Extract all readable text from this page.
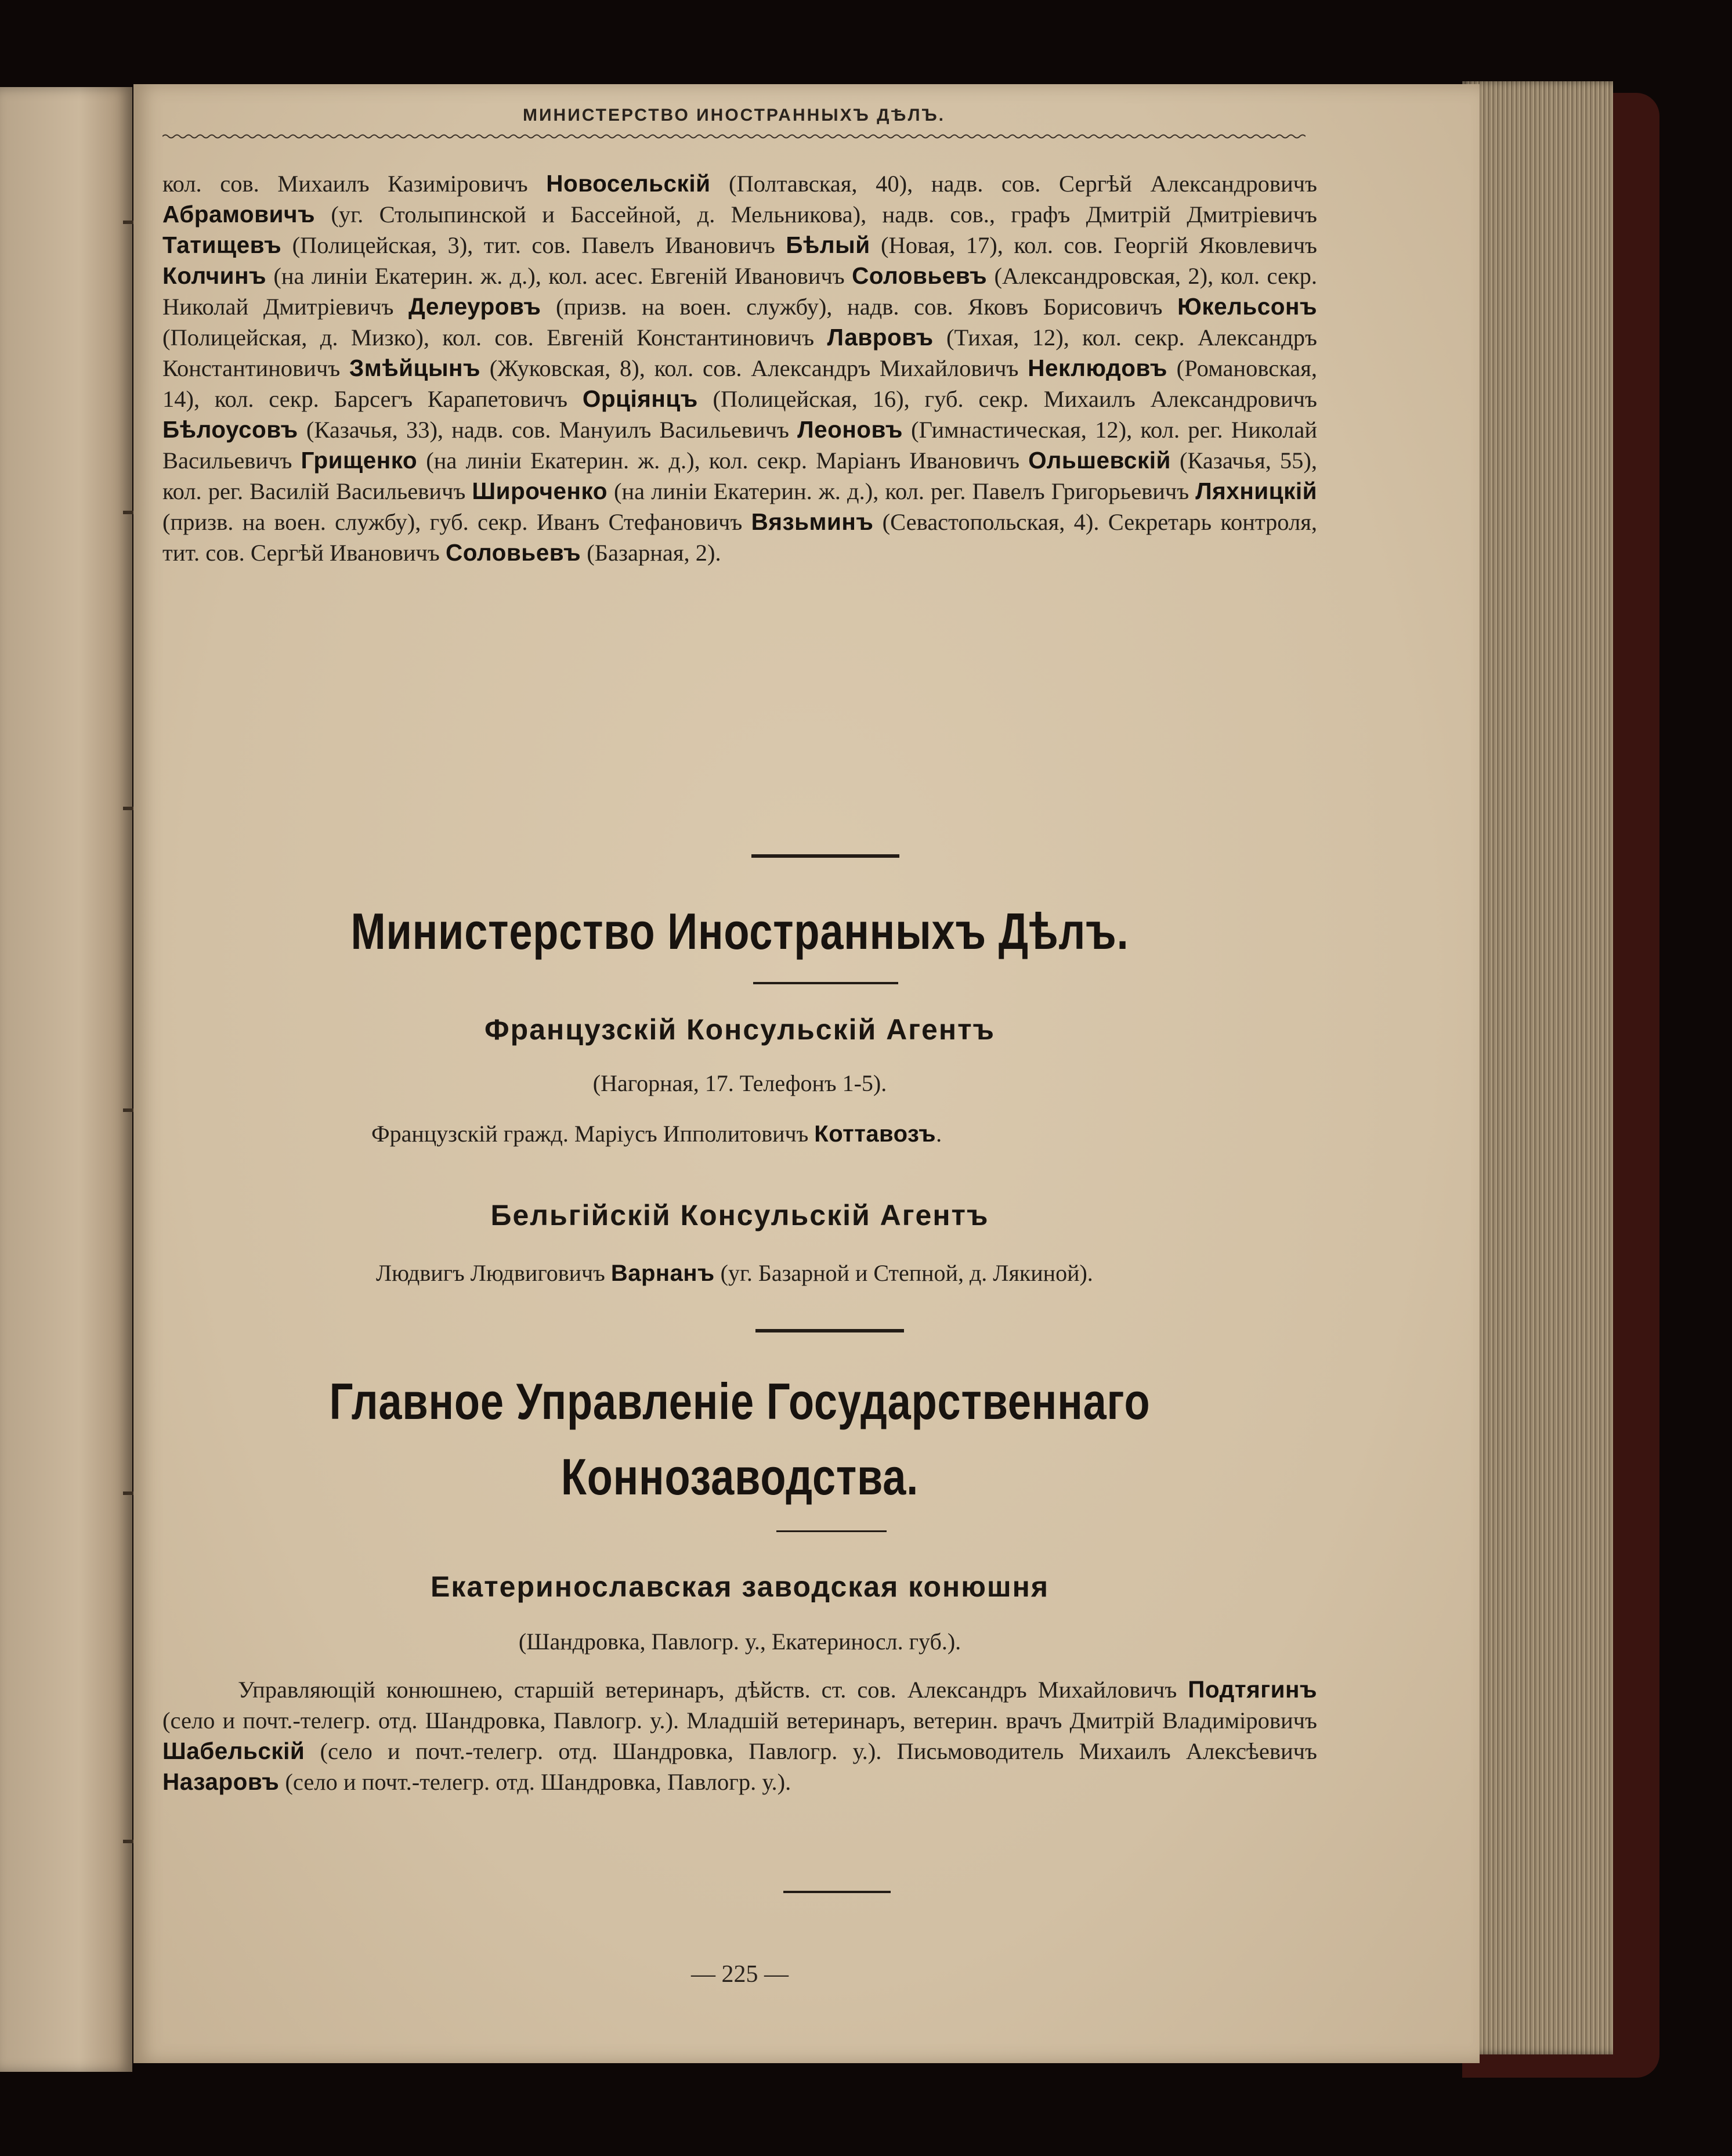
МИНИСТЕРСТВО ИНОСТРАННЫХЪ ДѢЛЪ.
кол. сов. Михаилъ Казимiровичъ Новосельскiй (Полтавская, 40), надв. сов. Сергѣй Александровичъ Абрамовичъ (уг. Столыпинской и Бассейной, д. Мельникова), надв. сов., графъ Дмитрiй Дмитрiевичъ Татищевъ (Полицейская, 3), тит. сов. Павелъ Ивановичъ Бѣлый (Новая, 17), кол. сов. Георгiй Яковлевичъ Колчинъ (на линiи Екатерин. ж. д.), кол. асес. Евгенiй Ивановичъ Соловьевъ (Александровская, 2), кол. секр. Николай Дмитрiевичъ Делеуровъ (призв. на воен. службу), надв. сов. Яковъ Борисовичъ Юкельсонъ (Полицейская, д. Мизко), кол. сов. Евгенiй Константиновичъ Лавровъ (Тихая, 12), кол. секр. Александръ Константиновичъ Змѣйцынъ (Жуковская, 8), кол. сов. Александръ Михайловичъ Неклюдовъ (Романовская, 14), кол. секр. Барсегъ Карапетовичъ Орцiянцъ (Полицейская, 16), губ. секр. Михаилъ Александровичъ Бѣлоусовъ (Казачья, 33), надв. сов. Мануилъ Васильевичъ Леоновъ (Гимнастическая, 12), кол. рег. Николай Васильевичъ Грищенко (на линiи Екатерин. ж. д.), кол. секр. Марiанъ Ивановичъ Ольшевскiй (Казачья, 55), кол. рег. Василiй Васильевичъ Широченко (на линiи Екатерин. ж. д.), кол. рег. Павелъ Григорьевичъ Ляхницкiй (призв. на воен. службу), губ. секр. Иванъ Стефановичъ Вязьминъ (Севастопольская, 4). Секретарь контроля, тит. сов. Сергѣй Ивановичъ Соловьевъ (Базарная, 2).
Министерство Иностранныхъ Дѣлъ.
Французскiй Консульскiй Агентъ
(Нагорная, 17. Телефонъ 1-5).
Французскiй гражд. Марiусъ Ипполитовичъ Коттавозъ.
Бельгiйскiй Консульскiй Агентъ
Людвигъ Людвиговичъ Варнанъ (уг. Базарной и Степной, д. Лякиной).
Главное Управленiе Государственнаго
Коннозаводства.
Екатеринославская заводская конюшня
(Шандровка, Павлогр. у., Екатериносл. губ.).
Управляющiй конюшнею, старшiй ветеринаръ, дѣйств. ст. сов. Александръ Михайловичъ Подтягинъ (село и почт.-телегр. отд. Шандровка, Павлогр. у.). Младшiй ветеринаръ, ветерин. врачъ Дмитрiй Владимiровичъ Шабельскiй (село и почт.-телегр. отд. Шандровка, Павлогр. у.). Письмоводитель Михаилъ Алексѣевичъ Назаровъ (село и почт.-телегр. отд. Шандровка, Павлогр. у.).
— 225 —
